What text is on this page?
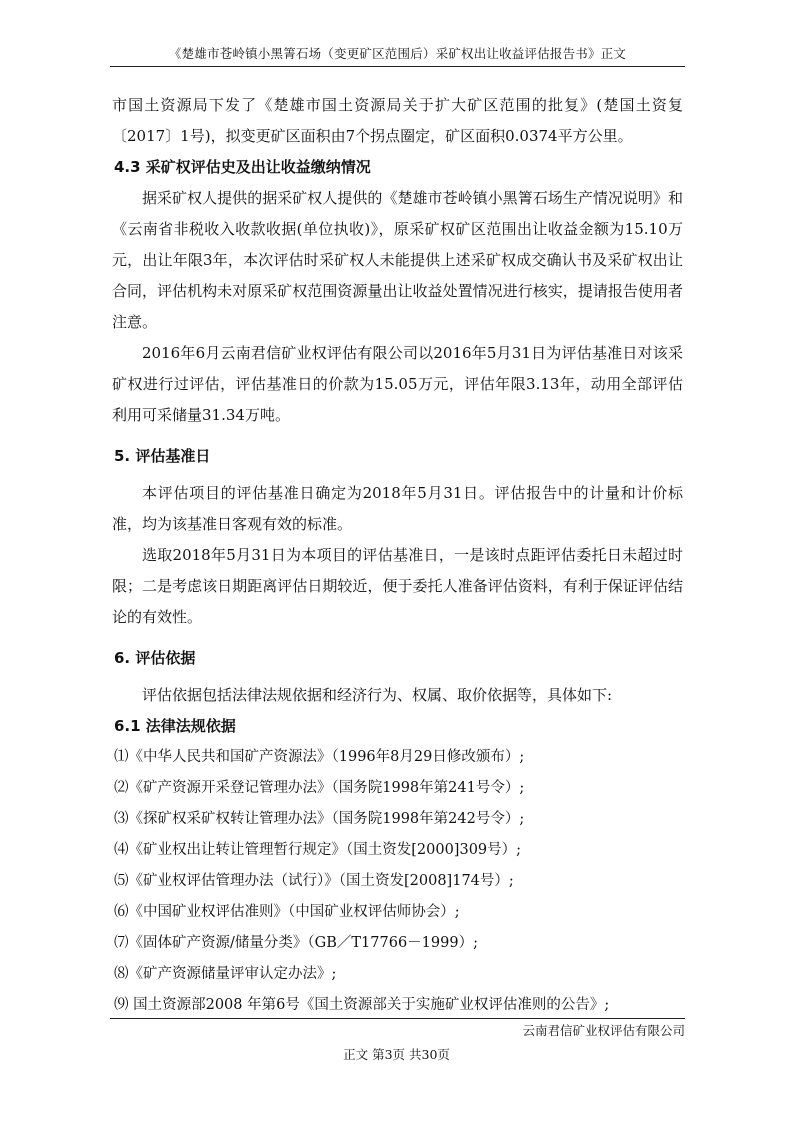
《楚雄市苍岭镇小黑箐石场（变更矿区范围后）采矿权出让收益评估报告书》正文

市国土资源局下发了《楚雄市国土资源局关于扩大矿区范围的批复》(楚国土资复〔2017〕1号)，拟变更矿区面积由7个拐点圈定，矿区面积0.0374平方公里。

4.3 采矿权评估史及出让收益缴纳情况

据采矿权人提供的据采矿权人提供的《楚雄市苍岭镇小黑箐石场生产情况说明》和《云南省非税收入收款收据(单位执收)》，原采矿权矿区范围出让收益金额为15.10万元，出让年限3年，本次评估时采矿权人未能提供上述采矿权成交确认书及采矿权出让合同，评估机构未对原采矿权范围资源量出让收益处置情况进行核实，提请报告使用者注意。

2016年6月云南君信矿业权评估有限公司以2016年5月31日为评估基准日对该采矿权进行过评估，评估基准日的价款为15.05万元，评估年限3.13年，动用全部评估利用可采储量31.34万吨。

5. 评估基准日

本评估项目的评估基准日确定为2018年5月31日。评估报告中的计量和计价标准，均为该基准日客观有效的标准。

选取2018年5月31日为本项目的评估基准日，一是该时点距评估委托日未超过时限；二是考虑该日期距离评估日期较近，便于委托人准备评估资料，有利于保证评估结论的有效性。

6. 评估依据

评估依据包括法律法规依据和经济行为、权属、取价依据等，具体如下:

6.1 法律法规依据
⑴《中华人民共和国矿产资源法》（1996年8月29日修改颁布）;
⑵《矿产资源开采登记管理办法》（国务院1998年第241号令）;
⑶《探矿权采矿权转让管理办法》（国务院1998年第242号令）;
⑷《矿业权出让转让管理暂行规定》（国土资发[2000]309号）;
⑸《矿业权评估管理办法（试行）》（国土资发[2008]174号）;
⑹《中国矿业权评估准则》（中国矿业权评估师协会）;
⑺《固体矿产资源/储量分类》（GB／T17766－1999）;
⑻《矿产资源储量评审认定办法》;
⑼ 国土资源部2008 年第6号《国土资源部关于实施矿业权评估准则的公告》;
云南君信矿业权评估有限公司
正文 第3页 共30页
